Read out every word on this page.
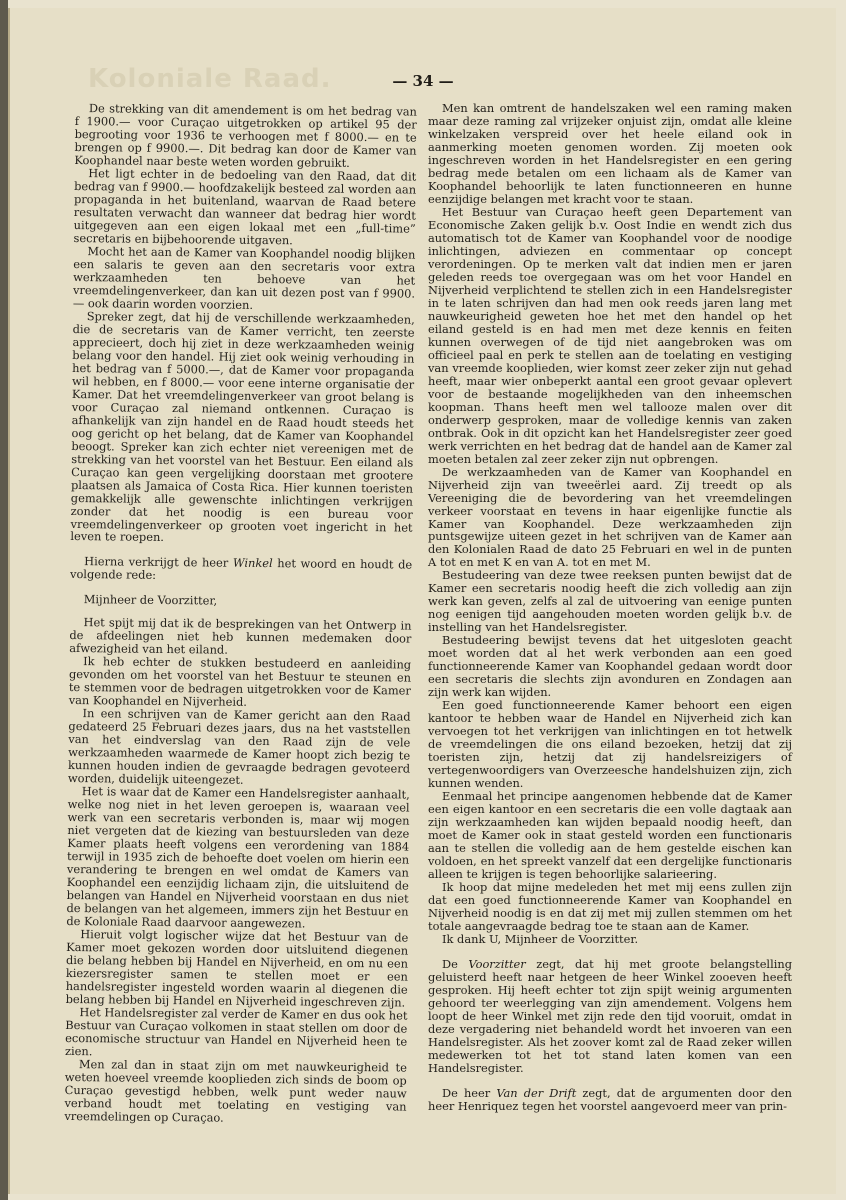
Koloniale Raad.	— 34 —

De strekking van dit amendement is om het bedrag van f 1900.— voor Curaçao uitgetrokken op artikel 95 der begrooting voor 1936 te verhoogen met f 8000.— en te brengen op f 9900.—. Dit bedrag kan door de Kamer van Koophandel naar beste weten worden gebruikt.

Het ligt echter in de bedoeling van den Raad, dat dit bedrag van f 9900.— hoofdzakelijk besteed zal worden aan propaganda in het buitenland, waarvan de Raad betere resultaten verwacht dan wanneer dat bedrag hier wordt uitgegeven aan een eigen lokaal met een „full-time” secretaris en bijbehoorende uitgaven.

Mocht het aan de Kamer van Koophandel noodig blijken een salaris te geven aan den secretaris voor extra werkzaamheden ten behoeve van het vreemdelingenverkeer, dan kan uit dezen post van f 9900.— ook daarin worden voorzien.

Spreker zegt, dat hij de verschillende werkzaamheden, die de secretaris van de Kamer verricht, ten zeerste apprecieert, doch hij ziet in deze werkzaamheden weinig belang voor den handel. Hij ziet ook weinig verhouding in het bedrag van f 5000.—, dat de Kamer voor propaganda wil hebben, en f 8000.— voor eene interne organisatie der Kamer. Dat het vreemdelingenverkeer van groot belang is voor Curaçao zal niemand ontkennen. Curaçao is afhankelijk van zijn handel en de Raad houdt steeds het oog gericht op het belang, dat de Kamer van Koophandel beoogt. Spreker kan zich echter niet vereenigen met de strekking van het voorstel van het Bestuur. Een eiland als Curaçao kan geen vergelijking doorstaan met grootere plaatsen als Jamaica of Costa Rica. Hier kunnen toeristen gemakkelijk alle gewenschte inlichtingen verkrijgen zonder dat het noodig is een bureau voor vreemdelingenverkeer op grooten voet ingericht in het leven te roepen.

Hierna verkrijgt de heer Winkel het woord en houdt de volgende rede:

Mijnheer de Voorzitter,

Het spijt mij dat ik de besprekingen van het Ontwerp in de afdeelingen niet heb kunnen medemaken door afwezigheid van het eiland.

Ik heb echter de stukken bestudeerd en aanleiding gevonden om het voorstel van het Bestuur te steunen en te stemmen voor de bedragen uitgetrokken voor de Kamer van Koophandel en Nijverheid.

In een schrijven van de Kamer gericht aan den Raad gedateerd 25 Februari dezes jaars, dus na het vaststellen van het eindverslag van den Raad zijn de vele werkzaamheden waarmede de Kamer hoopt zich bezig te kunnen houden indien de gevraagde bedragen gevoteerd worden, duidelijk uiteengezet.

Het is waar dat de Kamer een Handelsregister aanhaalt, welke nog niet in het leven geroepen is, waaraan veel werk van een secretaris verbonden is, maar wij mogen niet vergeten dat de kiezing van bestuursleden van deze Kamer plaats heeft volgens een verordening van 1884 terwijl in 1935 zich de behoefte doet voelen om hierin een verandering te brengen en wel omdat de Kamers van Koophandel een eenzijdig lichaam zijn, die uitsluitend de belangen van Handel en Nijverheid voorstaan en dus niet de belangen van het algemeen, immers zijn het Bestuur en de Koloniale Raad daarvoor aangewezen.

Hieruit volgt logischer wijze dat het Bestuur van de Kamer moet gekozen worden door uitsluitend diegenen die belang hebben bij Handel en Nijverheid, en om nu een kiezersregister samen te stellen moet er een handelsregister ingesteld worden waarin al diegenen die belang hebben bij Handel en Nijverheid ingeschreven zijn.

Het Handelsregister zal verder de Kamer en dus ook het Bestuur van Curaçao volkomen in staat stellen om door de economische structuur van Handel en Nijverheid heen te zien.

Men zal dan in staat zijn om met nauwkeurigheid te weten hoeveel vreemde kooplieden zich sinds de boom op Curaçao gevestigd hebben, welk punt weder nauw verband houdt met toelating en vestiging van vreemdelingen op Curaçao.

Men kan omtrent de handelszaken wel een raming maken maar deze raming zal vrijzeker onjuist zijn, omdat alle kleine winkelzaken verspreid over het heele eiland ook in aanmerking moeten genomen worden. Zij moeten ook ingeschreven worden in het Handelsregister en een gering bedrag mede betalen om een lichaam als de Kamer van Koophandel behoorlijk te laten functionneeren en hunne eenzijdige belangen met kracht voor te staan.

Het Bestuur van Curaçao heeft geen Departement van Economische Zaken gelijk b.v. Oost Indie en wendt zich dus automatisch tot de Kamer van Koophandel voor de noodige inlichtingen, adviezen en commentaar op concept verordeningen. Op te merken valt dat indien men er jaren geleden reeds toe overgegaan was om het voor Handel en Nijverheid verplichtend te stellen zich in een Handelsregister in te laten schrijven dan had men ook reeds jaren lang met nauwkeurigheid geweten hoe het met den handel op het eiland gesteld is en had men met deze kennis en feiten kunnen overwegen of de tijd niet aangebroken was om officieel paal en perk te stellen aan de toelating en vestiging van vreemde kooplieden, wier komst zeer zeker zijn nut gehad heeft, maar wier onbeperkt aantal een groot gevaar oplevert voor de bestaande mogelijkheden van den inheemschen koopman. Thans heeft men wel tallooze malen over dit onderwerp gesproken, maar de volledige kennis van zaken ontbrak. Ook in dit opzicht kan het Handelsregister zeer goed werk verrichten en het bedrag dat de handel aan de Kamer zal moeten betalen zal zeer zeker zijn nut opbrengen.

De werkzaamheden van de Kamer van Koophandel en Nijverheid zijn van tweeërlei aard. Zij treedt op als Vereeniging die de bevordering van het vreemdelingen verkeer voorstaat en tevens in haar eigenlijke functie als Kamer van Koophandel. Deze werkzaamheden zijn puntsgewijze uiteen gezet in het schrijven van de Kamer aan den Kolonialen Raad de dato 25 Februari en wel in de punten A tot en met K en van A. tot en met M.

Bestudeering van deze twee reeksen punten bewijst dat de Kamer een secretaris noodig heeft die zich volledig aan zijn werk kan geven, zelfs al zal de uitvoering van eenige punten nog eenigen tijd aangehouden moeten worden gelijk b.v. de instelling van het Handelsregister.

Bestudeering bewijst tevens dat het uitgesloten geacht moet worden dat al het werk verbonden aan een goed functionneerende Kamer van Koophandel gedaan wordt door een secretaris die slechts zijn avonduren en Zondagen aan zijn werk kan wijden.

Een goed functionneerende Kamer behoort een eigen kantoor te hebben waar de Handel en Nijverheid zich kan vervoegen tot het verkrijgen van inlichtingen en tot hetwelk de vreemdelingen die ons eiland bezoeken, hetzij dat zij toeristen zijn, hetzij dat zij handelsreizigers of vertegenwoordigers van Overzeesche handelshuizen zijn, zich kunnen wenden.

Eenmaal het principe aangenomen hebbende dat de Kamer een eigen kantoor en een secretaris die een volle dagtaak aan zijn werkzaamheden kan wijden bepaald noodig heeft, dan moet de Kamer ook in staat gesteld worden een functionaris aan te stellen die volledig aan de hem gestelde eischen kan voldoen, en het spreekt vanzelf dat een dergelijke functionaris alleen te krijgen is tegen behoorlijke salarieering.

Ik hoop dat mijne medeleden het met mij eens zullen zijn dat een goed functionneerende Kamer van Koophandel en Nijverheid noodig is en dat zij met mij zullen stemmen om het totale aangevraagde bedrag toe te staan aan de Kamer.

Ik dank U, Mijnheer de Voorzitter.

De Voorzitter zegt, dat hij met groote belangstelling geluisterd heeft naar hetgeen de heer Winkel zooeven heeft gesproken. Hij heeft echter tot zijn spijt weinig argumenten gehoord ter weerlegging van zijn amendement. Volgens hem loopt de heer Winkel met zijn rede den tijd vooruit, omdat in deze vergadering niet behandeld wordt het invoeren van een Handelsregister. Als het zoover komt zal de Raad zeker willen medewerken tot het tot stand laten komen van een Handelsregister.

De heer Van der Drift zegt, dat de argumenten door den heer Henriquez tegen het voorstel aangevoerd meer van prin-
